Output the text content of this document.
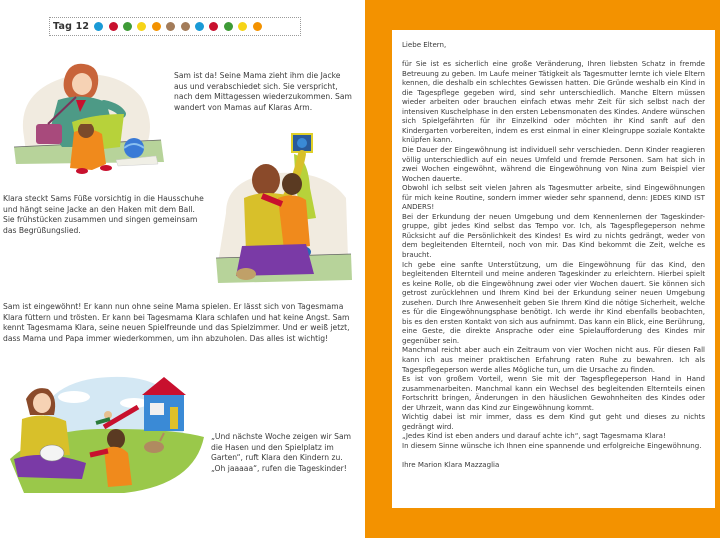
Tag 12

Sam ist da! Seine Mama zieht ihm die Jacke aus und verabschiedet sich. Sie verspricht, nach dem Mittagessen wiederzukommen. Sam wandert von Mamas auf Klaras Arm.

Klara steckt Sams Füße vorsichtig in die Hausschuhe und hängt seine Jacke an den Haken mit dem Ball. Sie frühstücken zusammen und singen gemeinsam das Begrüßungslied.

Sam ist eingewöhnt! Er kann nun ohne seine Mama spielen. Er lässt sich von Tagesmama Klara füttern und trösten. Er kann bei Tagesmama Klara schlafen und hat keine Angst. Sam kennt Tagesmama Klara, seine neuen Spielfreunde und das Spielzimmer. Und er weiß jetzt, dass Mama und Papa immer wiederkommen, um ihn abzuholen. Das alles ist wichtig!

„Und nächste Woche zeigen wir Sam die Hasen und den Spielplatz im Garten“, ruft Klara den Kindern zu.

„Oh jaaaaa“, rufen die Tageskinder!

Liebe Eltern,

für Sie ist es sicherlich eine große Veränderung, Ihren liebsten Schatz in fremde Betreuung zu geben. Im Laufe meiner Tätigkeit als Tagesmutter lernte ich viele Eltern kennen, die deshalb ein schlechtes Gewissen hatten. Die Gründe weshalb ein Kind in die Tagespflege gegeben wird, sind sehr unterschiedlich. Manche Eltern müssen wieder arbeiten oder brauchen einfach etwas mehr Zeit für sich selbst nach der intensiven Kuschelphase in den ersten Lebensmonaten des Kindes. Andere wünschen sich Spielgefährten für ihr Einzelkind oder möchten ihr Kind sanft auf den Kindergarten vorbereiten, indem es erst einmal in einer Kleingruppe soziale Kontakte knüpfen kann.

Die Dauer der Eingewöhnung ist individuell sehr verschieden. Denn Kinder reagieren völlig unterschiedlich auf ein neues Umfeld und fremde Personen. Sam hat sich in zwei Wochen eingewöhnt, während die Eingewöhnung von Nina zum Beispiel vier Wochen dauerte.

Obwohl ich selbst seit vielen Jahren als Tagesmutter arbeite, sind Eingewöhnungen für mich keine Routine, sondern immer wieder sehr spannend, denn: JEDES KIND IST ANDERS!

Bei der Erkundung der neuen Umgebung und dem Kennenlernen der Tageskinder-gruppe, gibt jedes Kind selbst das Tempo vor. Ich, als Tagespflegeperson nehme Rücksicht auf die Persönlichkeit des Kindes! Es wird zu nichts gedrängt, weder von dem begleitenden Elternteil, noch von mir. Das Kind bekommt die Zeit, welche es braucht.

Ich gebe eine sanfte Unterstützung, um die Eingewöhnung für das Kind, den begleitenden Elternteil und meine anderen Tageskinder zu erleichtern. Hierbei spielt es keine Rolle, ob die Eingewöhnung zwei oder vier Wochen dauert. Sie können sich getrost zurücklehnen und Ihrem Kind bei der Erkundung seiner neuen Umgebung zusehen. Durch Ihre Anwesenheit geben Sie Ihrem Kind die nötige Sicherheit, welche es für die Eingewöhnungsphase benötigt. Ich werde ihr Kind ebenfalls beobachten, bis es den ersten Kontakt von sich aus aufnimmt. Das kann ein Blick, eine Berührung, eine Geste, die direkte Ansprache oder eine Spielaufforderung des Kindes mir gegenüber sein.

Manchmal reicht aber auch ein Zeitraum von vier Wochen nicht aus. Für diesen Fall kann ich aus meiner praktischen Erfahrung raten Ruhe zu bewahren. Ich als Tagespflegeperson werde alles Mögliche tun, um die Ursache zu finden.

Es ist von großem Vorteil, wenn Sie mit der Tagespflegeperson Hand in Hand zusammenarbeiten. Manchmal kann ein Wechsel des begleitenden Elternteils einen Fortschritt bringen, Änderungen in den häuslichen Gewohnheiten des Kindes oder der Uhrzeit, wann das Kind zur Eingewöhnung kommt.

Wichtig dabei ist mir immer, dass es dem Kind gut geht und dieses zu nichts gedrängt wird.

„Jedes Kind ist eben anders und darauf achte ich“, sagt Tagesmama Klara!

In diesem Sinne wünsche ich Ihnen eine spannende und erfolgreiche Eingewöhnung.

Ihre Marion Klara Mazzaglia
